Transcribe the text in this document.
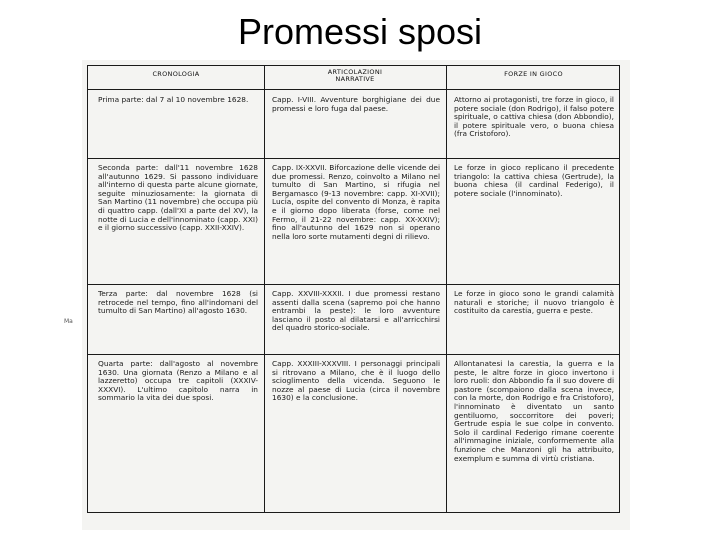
Promessi sposi
CRONOLOGIA	ARTICOLAZIONI
NARRATIVE
FORZE IN GIOCO
Prima parte: dal 7 al 10 novembre 1628.	Capp. I-VIII. Avventure borghigiane dei due promessi e loro fuga dal paese.
Attorno ai protagonisti, tre forze in gioco, il potere sociale (don Rodrigo), il falso potere spirituale, o cattiva chiesa (don Abbondio), il potere spirituale vero, o buona chiesa (fra Cristoforo).
Seconda parte: dall'11 novembre 1628 all'autunno 1629. Si passono individuare all'interno di questa parte alcune giornate, seguite minuziosamente: la giornata di San Martino (11 novembre) che occupa più di quattro capp. (dall'XI a parte del XV), la notte di Lucia e dell'innominato (capp. XXI) e il giorno successivo (capp. XXII-XXIV).
Capp. IX-XXVII. Biforcazione delle vicende dei due promessi. Renzo, coinvolto a Milano nel tumulto di San Martino, si rifugia nel Bergamasco (9-13 novembre: capp. XI-XVII); Lucia, ospite del convento di Monza, è rapita e il giorno dopo liberata (forse, come nel Fermo, il 21-22 novembre: capp. XX-XXIV); fino all'autunno del 1629 non si operano nella loro sorte mutamenti degni di rilievo.
Le forze in gioco replicano il precedente triangolo: la cattiva chiesa (Gertrude), la buona chiesa (il cardinal Federigo), il potere sociale (l'innominato).
Terza parte: dal novembre 1628 (si retrocede nel tempo, fino all'indomani del tumulto di San Martino) all'agosto 1630.
Capp. XXVIII-XXXII. I due promessi restano assenti dalla scena (sapremo poi che hanno entrambi la peste): le loro avventure lasciano il posto al dilatarsi e all'arricchirsi del quadro storico-sociale.
Le forze in gioco sono le grandi calamità naturali e storiche; il nuovo triangolo è costituito da carestia, guerra e peste.
Quarta parte: dall'agosto al novembre 1630. Una giornata (Renzo a Milano e al lazzeretto) occupa tre capitoli (XXXIV-XXXVI). L'ultimo capitolo narra in sommario la vita dei due sposi.
Capp. XXXIII-XXXVIII. I personaggi principali si ritrovano a Milano, che è il luogo dello scioglimento della vicenda. Seguono le nozze al paese di Lucia (circa il novembre 1630) e la conclusione.
Allontanatesi la carestia, la guerra e la peste, le altre forze in gioco invertono i loro ruoli: don Abbondio fa il suo dovere di pastore (scompaiono dalla scena invece, con la morte, don Rodrigo e fra Cristoforo), l'innominato è diventato un santo gentiluomo, soccorritore dei poveri; Gertrude espia le sue colpe in convento. Solo il cardinal Federigo rimane coerente all'immagine iniziale, conformemente alla funzione che Manzoni gli ha attribuito, exemplum e summa di virtù cristiana.
Ma
